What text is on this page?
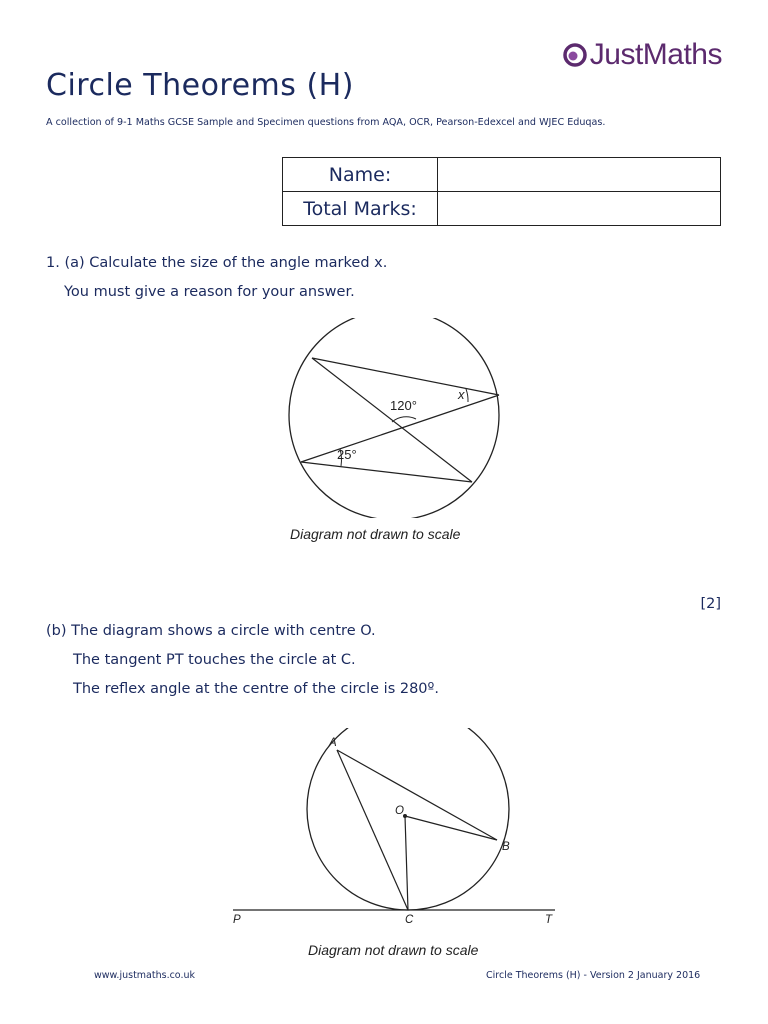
JustMaths
Circle Theorems (H)
A collection of 9-1 Maths GCSE Sample and Specimen questions from AQA, OCR, Pearson-Edexcel and WJEC Eduqas.
Name:	
Total Marks:	
1. (a) Calculate the size of the angle marked x.
You must give a reason for your answer.
120°
25°
x
Diagram not drawn to scale
[2]
(b) The diagram shows a circle with centre O.
The tangent PT touches the circle at C.
The reflex angle at the centre of the circle is 280º.
A
O
B
P	C	T
Diagram not drawn to scale
www.justmaths.co.uk	Circle Theorems (H) - Version 2 January 2016
